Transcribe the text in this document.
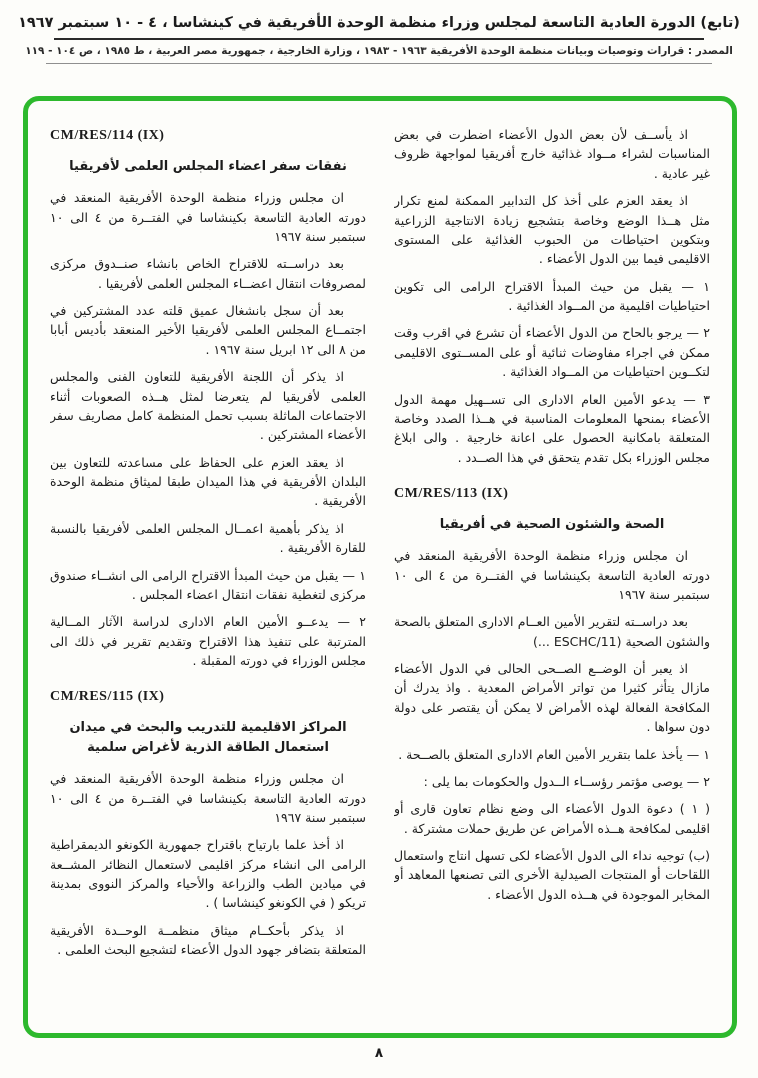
(تابع) الدورة العادية التاسعة لمجلس وزراء منظمة الوحدة الأفريقية في كينشاسا ، ٤ - ١٠ سبتمبر ١٩٦٧
المصدر : قرارات وتوصيات وبيانات منظمة الوحدة الأفريقية ١٩٦٣ - ١٩٨٣ ، وزارة الخارجية ، جمهورية مصر العربية ، ط ١٩٨٥ ، ص ١٠٤ - ١١٩

اذ يأســف لأن بعض الدول الأعضاء اضطرت في بعض المناسبات لشراء مــواد غذائية خارج أفريقيا لمواجهة ظروف غير عادية .

اذ يعقد العزم على أخذ كل التدابير الممكنة لمنع تكرار مثل هــذا الوضع وخاصة بتشجيع زيادة الانتاجية الزراعية وبتكوين احتياطات من الحبوب الغذائية على المستوى الاقليمى فيما بين الدول الأعضاء .

١ — يقبل من حيث المبدأ الاقتراح الرامى الى تكوين احتياطيات اقليمية من المــواد الغذائية .

٢ — يرجو بالحاح من الدول الأعضاء أن تشرع في اقرب وقت ممكن في اجراء مفاوضات ثنائية أو على المســتوى الاقليمى لتكــوين احتياطيات من المــواد الغذائية .

٣ — يدعو الأمين العام الادارى الى تســهيل مهمة الدول الأعضاء بمنحها المعلومات المناسبة في هــذا الصدد وخاصة المتعلقة بامكانية الحصول على اعانة خارجية . والى ابلاغ مجلس الوزراء بكل تقدم يتحقق في هذا الصــدد .

CM/RES/113 (IX)

الصحة والشئون الصحية في أفريقيا

ان مجلس وزراء منظمة الوحدة الأفريقية المنعقد في دورته العادية التاسعة بكينشاسا في الفتــرة من ٤ الى ١٠ سبتمبر سنة ١٩٦٧

بعد دراســته لتقرير الأمين العــام الادارى المتعلق بالصحة والشئون الصحية (ESCHC/11 ...)

اذ يعبر أن الوضــع الصــحى الحالى في الدول الأعضاء مازال يتأثر كثيرا من تواتر الأمراض المعدية . واذ يدرك أن المكافحة الفعالة لهذه الأمراض لا يمكن أن يقتصر على دولة دون سواها .

١ — يأخذ علما بتقرير الأمين العام الادارى المتعلق بالصــحة .

٢ — يوصى مؤتمر رؤســاء الــدول والحكومات بما يلى :

( ١ ) دعوة الدول الأعضاء الى وضع نظام تعاون قارى أو اقليمى لمكافحة هــذه الأمراض عن طريق حملات مشتركة .

(ب) توجيه نداء الى الدول الأعضاء لكى تسهل انتاج واستعمال اللقاحات أو المنتجات الصيدلية الأخرى التى تصنعها المعاهد أو المخابر الموجودة في هــذه الدول الأعضاء .

CM/RES/114 (IX)

نفقات سفر اعضاء المجلس العلمى لأفريقيا

ان مجلس وزراء منظمة الوحدة الأفريقية المنعقد في دورته العادية التاسعة بكينشاسا في الفتــرة من ٤ الى ١٠ سبتمبر سنة ١٩٦٧

بعد دراســته للاقتراح الخاص بانشاء صنــدوق مركزى لمصروفات انتقال اعضــاء المجلس العلمى لأفريقيا .

بعد أن سجل بانشغال عميق قلته عدد المشتركين في اجتمــاع المجلس العلمى لأفريقيا الأخير المنعقد بأديس أبابا من ٨ الى ١٢ ابريل سنة ١٩٦٧ .

اذ يذكر أن اللجنة الأفريقية للتعاون الفنى والمجلس العلمى لأفريقيا لم يتعرضا لمثل هــذه الصعوبات أثناء الاجتماعات الماثلة بسبب تحمل المنظمة كامل مصاريف سفر الأعضاء المشتركين .

اذ يعقد العزم على الحفاظ على مساعدته للتعاون بين البلدان الأفريقية في هذا الميدان طبقا لميثاق منظمة الوحدة الأفريقية .

اذ يذكر بأهمية اعمــال المجلس العلمى لأفريقيا بالنسبة للقارة الأفريقية .

١ — يقبل من حيث المبدأ الاقتراح الرامى الى انشــاء صندوق مركزى لتغطية نفقات انتقال اعضاء المجلس .

٢ — يدعــو الأمين العام الادارى لدراسة الآثار المــالية المترتبة على تنفيذ هذا الاقتراح وتقديم تقرير في ذلك الى مجلس الوزراء في دورته المقبلة .

CM/RES/115 (IX)

المراكز الاقليمية للتدريب والبحث في ميدان استعمال الطاقة الذرية لأغراض سلمية

ان مجلس وزراء منظمة الوحدة الأفريقية المنعقد في دورته العادية التاسعة بكينشاسا في الفتــرة من ٤ الى ١٠ سبتمبر سنة ١٩٦٧

اذ أخذ علما بارتياح باقتراح جمهورية الكونغو الديمقراطية الرامى الى انشاء مركز اقليمى لاستعمال النظائر المشــعة في ميادين الطب والزراعة والأحياء والمركز النووى بمدينة تريكو ( في الكونغو كينشاسا ) .

اذ يذكر بأحكــام ميثاق منظمــة الوحــدة الأفريقية المتعلقة بتضافر جهود الدول الأعضاء لتشجيع البحث العلمى .

٨
